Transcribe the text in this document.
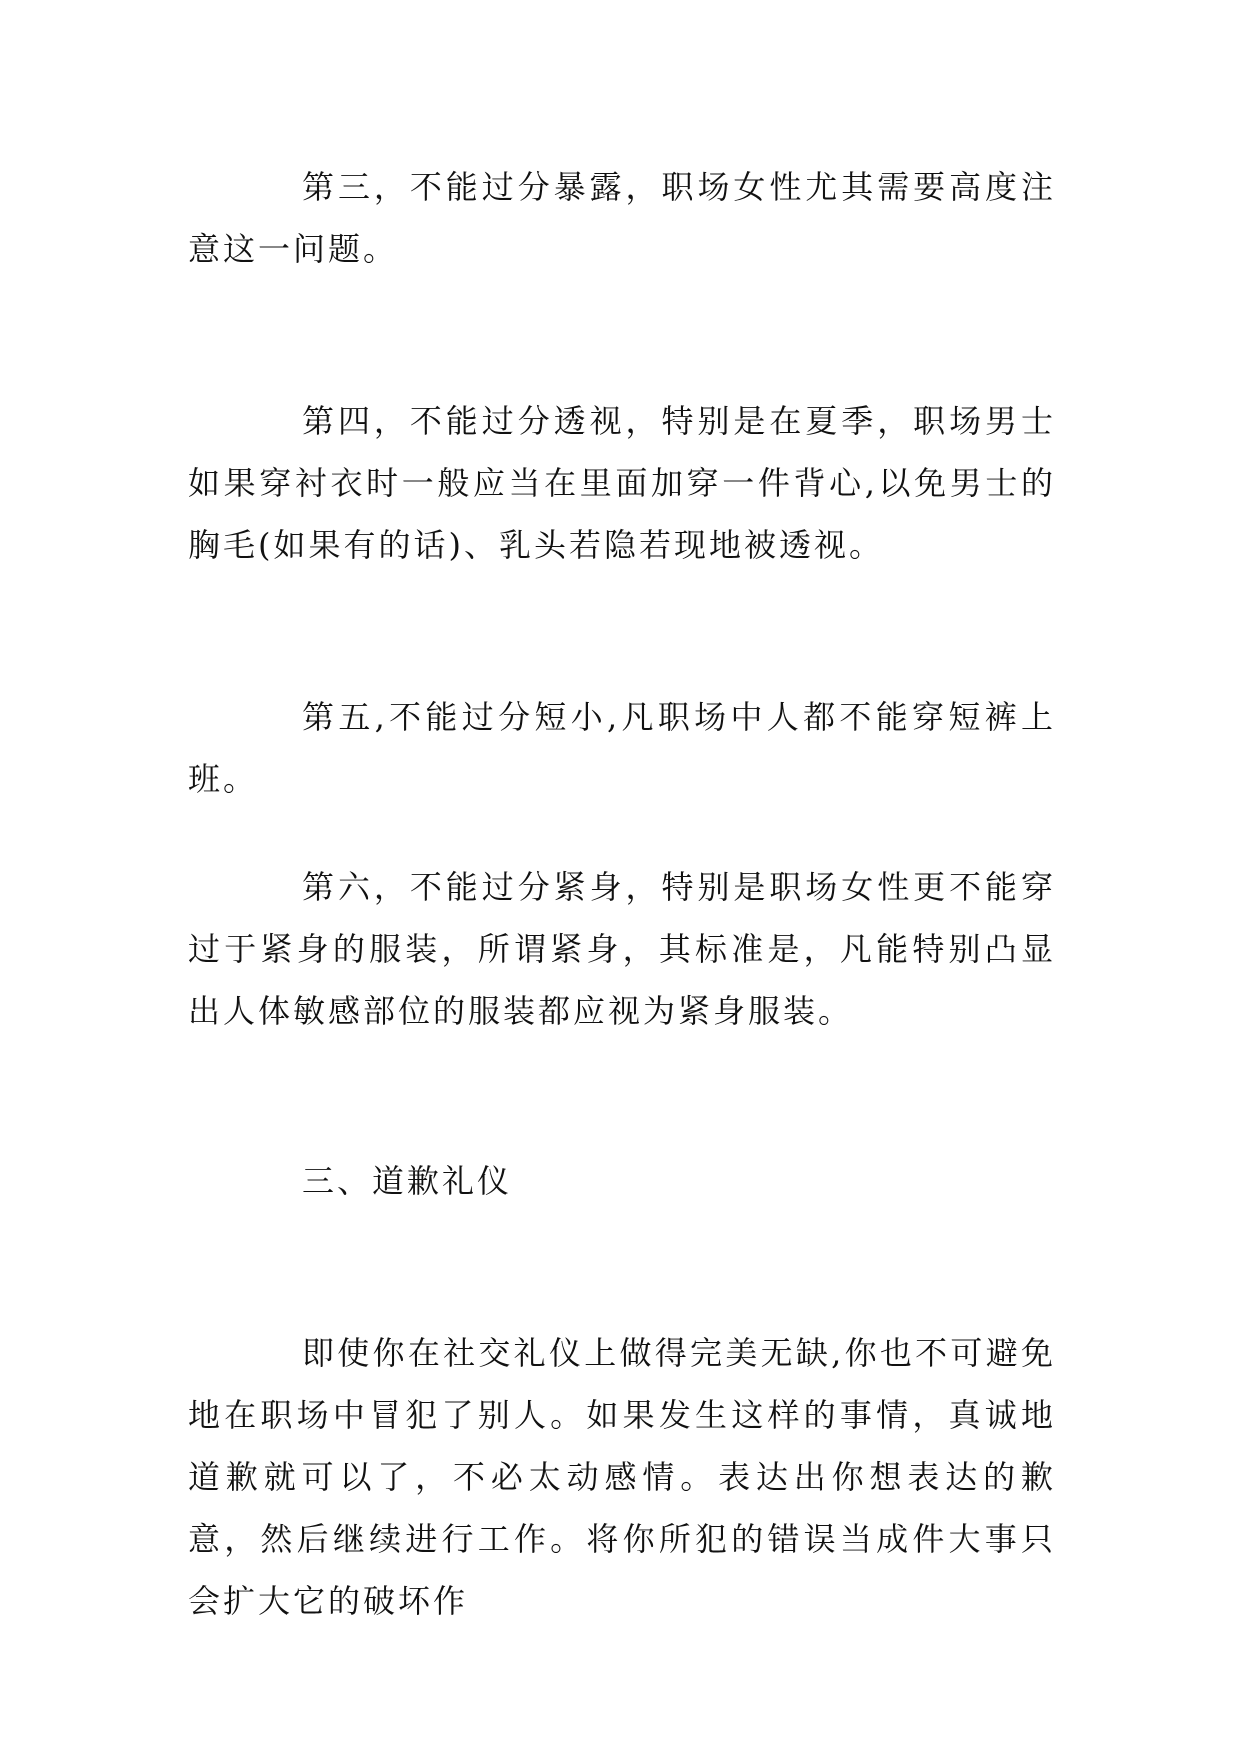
第三，不能过分暴露，职场女性尤其需要高度注意这一问题。

第四，不能过分透视，特别是在夏季，职场男士如果穿衬衣时一般应当在里面加穿一件背心,以免男士的胸毛(如果有的话)、乳头若隐若现地被透视。

第五,不能过分短小,凡职场中人都不能穿短裤上班。

第六，不能过分紧身，特别是职场女性更不能穿过于紧身的服装，所谓紧身，其标准是，凡能特别凸显出人体敏感部位的服装都应视为紧身服装。

三、道歉礼仪

即使你在社交礼仪上做得完美无缺,你也不可避免地在职场中冒犯了别人。如果发生这样的事情，真诚地道歉就可以了，不必太动感情。表达出你想表达的歉意，然后继续进行工作。将你所犯的错误当成件大事只会扩大它的破坏作
